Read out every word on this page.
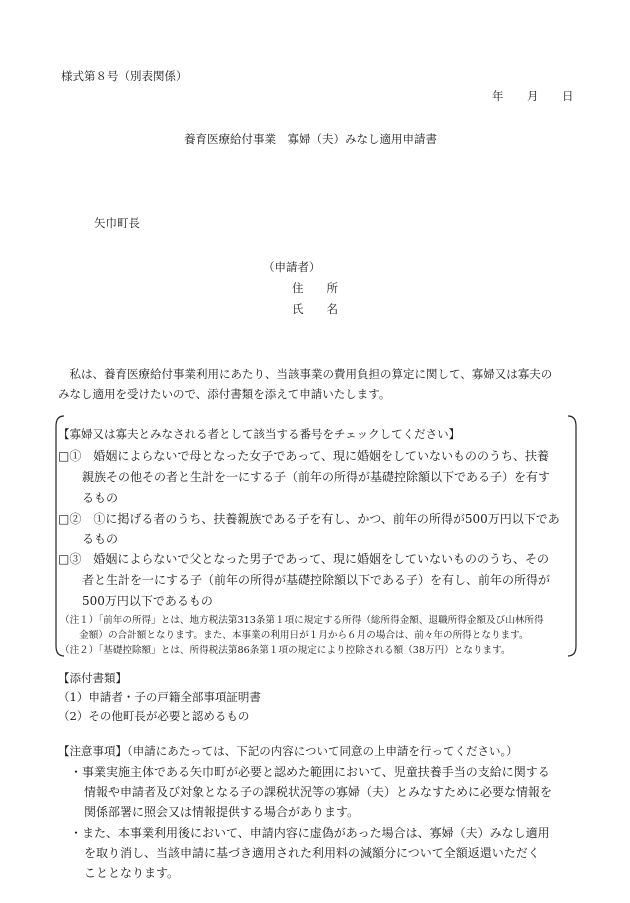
様式第８号（別表関係）
年 月 日
養育医療給付事業　寡婦（夫）みなし適用申請書
矢巾町長
（申請者）
住　　所
氏　　名
　私は、養育医療給付事業利用にあたり、当該事業の費用負担の算定に関して、寡婦又は寡夫の
みなし適用を受けたいので、添付書類を添えて申請いたします。
【寡婦又は寡夫とみなされる者として該当する番号をチェックしてください】
□①　婚姻によらないで母となった女子であって、現に婚姻をしていないもののうち、扶養
親族その他その者と生計を一にする子（前年の所得が基礎控除額以下である子）を有す
るもの
□②　①に掲げる者のうち、扶養親族である子を有し、かつ、前年の所得が500万円以下であ
るもの
□③　婚姻によらないで父となった男子であって、現に婚姻をしていないもののうち、その
者と生計を一にする子（前年の所得が基礎控除額以下である子）を有し、前年の所得が
500万円以下であるもの
（注１）「前年の所得」とは、地方税法第313条第１項に規定する所得（総所得金額、退職所得金額及び山林所得
　　金額）の合計額となります。また、本事業の利用日が１月から６月の場合は、前々年の所得となります。
（注２）「基礎控除額」とは、所得税法第86条第１項の規定により控除される額（38万円）となります。
【添付書類】
（1）申請者・子の戸籍全部事項証明書
（2）その他町長が必要と認めるもの
【注意事項】（申請にあたっては、下記の内容について同意の上申請を行ってください。）
・事業実施主体である矢巾町が必要と認めた範囲において、児童扶養手当の支給に関する
情報や申請者及び対象となる子の課税状況等の寡婦（夫）とみなすために必要な情報を
関係部署に照会又は情報提供する場合があります。
・また、本事業利用後において、申請内容に虚偽があった場合は、寡婦（夫）みなし適用
を取り消し、当該申請に基づき適用された利用料の減額分について全額返還いただく
こととなります。
